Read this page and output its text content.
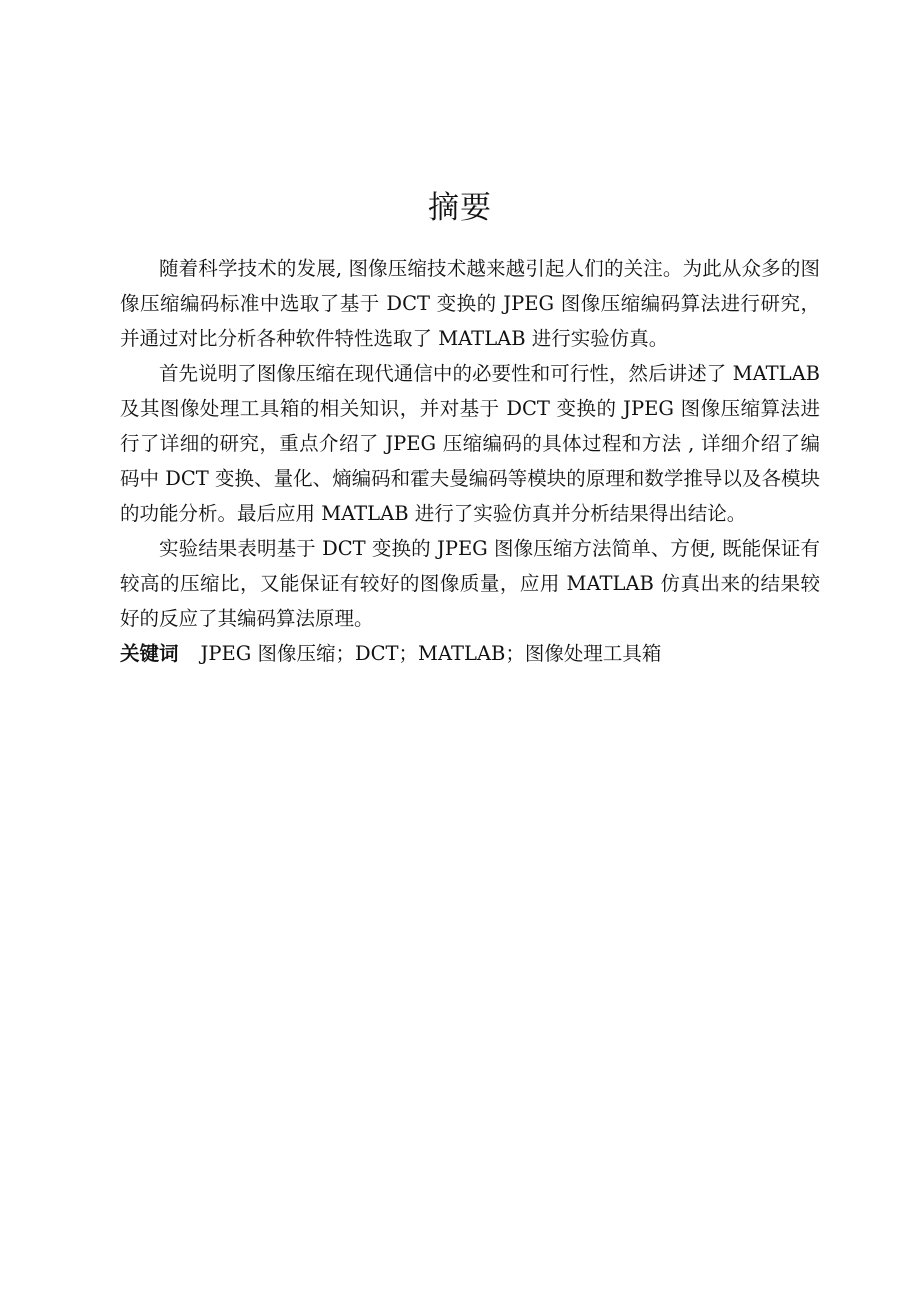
摘要

随着科学技术的发展, 图像压缩技术越来越引起人们的关注。为此从众多的图像压缩编码标准中选取了基于 DCT 变换的 JPEG 图像压缩编码算法进行研究，并通过对比分析各种软件特性选取了 MATLAB 进行实验仿真。

首先说明了图像压缩在现代通信中的必要性和可行性，然后讲述了 MATLAB 及其图像处理工具箱的相关知识，并对基于 DCT 变换的 JPEG 图像压缩算法进行了详细的研究，重点介绍了 JPEG 压缩编码的具体过程和方法 , 详细介绍了编码中 DCT 变换、量化、熵编码和霍夫曼编码等模块的原理和数学推导以及各模块的功能分析。最后应用 MATLAB 进行了实验仿真并分析结果得出结论。

实验结果表明基于 DCT 变换的 JPEG 图像压缩方法简单、方便, 既能保证有较高的压缩比，又能保证有较好的图像质量，应用 MATLAB 仿真出来的结果较好的反应了其编码算法原理。

关键词 JPEG 图像压缩；DCT；MATLAB；图像处理工具箱
